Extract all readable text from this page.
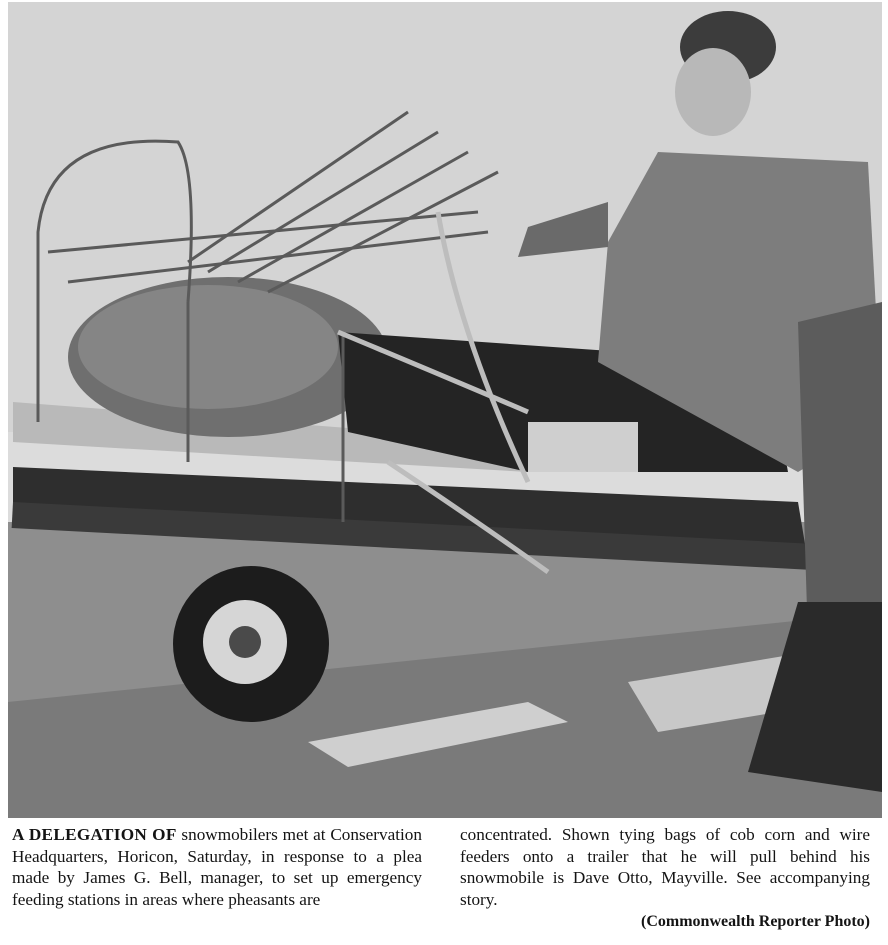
A DELEGATION OF snowmobilers met at Conservation Headquarters, Horicon, Saturday, in response to a plea made by James G. Bell, manager, to set up emergency feeding stations in areas where pheasants are

concentrated. Shown tying bags of cob corn and wire feeders onto a trailer that he will pull behind his snowmobile is Dave Otto, Mayville. See accompanying story.

(Commonwealth Reporter Photo)
